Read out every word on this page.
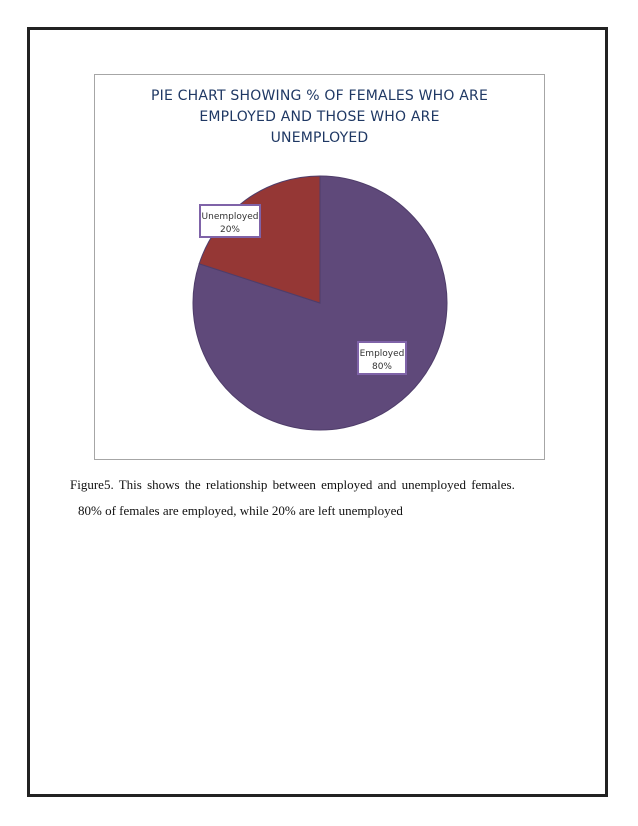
PIE CHART SHOWING % OF FEMALES WHO ARE
EMPLOYED AND THOSE WHO ARE
UNEMPLOYED
Employed
80%
Unemployed
20%
Figure5. This shows the relationship between employed and unemployed females.
80% of females are employed, while 20% are left unemployed
